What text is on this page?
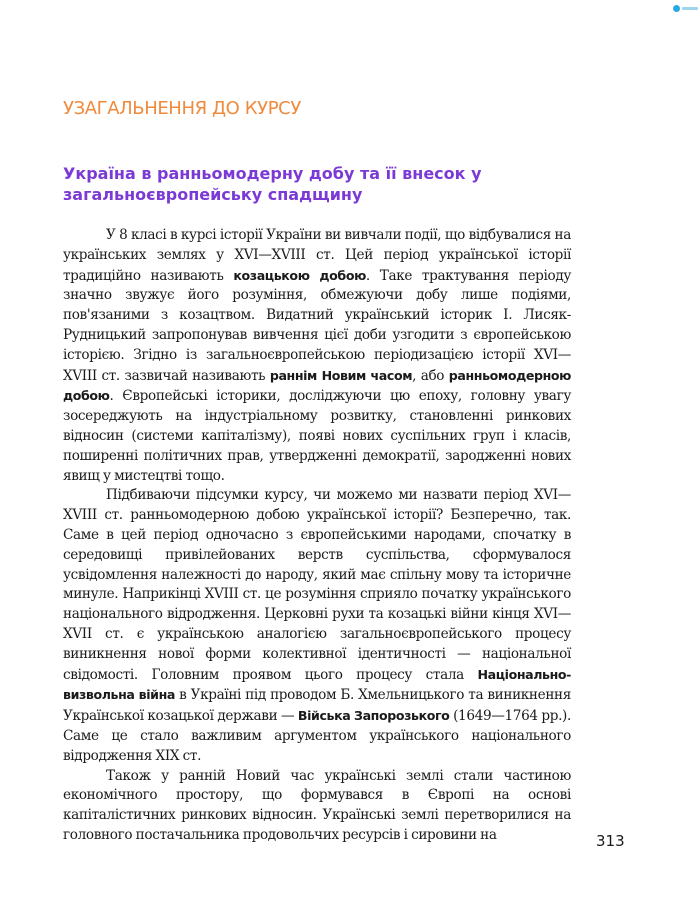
УЗАГАЛЬНЕННЯ ДО КУРСУ
Україна в ранньомодерну добу та її внесок у загальноєвропейську спадщину

У 8 класі в курсі історії України ви вивчали події, що відбувалися на українських землях у XVI—XVIII ст. Цей період української історії традиційно називають козацькою добою. Таке трактування періоду значно звужує його розуміння, обмежуючи добу лише подіями, пов'язаними з козацтвом. Видатний український історик І. Лисяк-Рудницький запропонував вивчення цієї доби узгодити з європейською історією. Згідно із загальноєвропейською періодизацією історії XVI—XVIII ст. зазвичай називають раннім Новим часом, або ранньомодерною добою. Європейські історики, досліджуючи цю епоху, головну увагу зосереджують на індустріальному розвитку, становленні ринкових відносин (системи капіталізму), появі нових суспільних груп і класів, поширенні політичних прав, утвердженні демократії, зародженні нових явищ у мистецтві тощо.

Підбиваючи підсумки курсу, чи можемо ми назвати період XVI—XVIII ст. ранньомодерною добою української історії? Безперечно, так. Саме в цей період одночасно з європейськими народами, спочатку в середовищі привілейованих верств суспільства, сформувалося усвідомлення належності до народу, який має спільну мову та історичне минуле. Наприкінці XVIII ст. це розуміння сприяло початку українського національного відродження. Церковні рухи та козацькі війни кінця XVI—XVII ст. є українською аналогією загальноєвропейського процесу виникнення нової форми колективної ідентичності — національної свідомості. Головним проявом цього процесу стала Національно-визвольна війна в Україні під проводом Б. Хмельницького та виникнення Української козацької держави — Війська Запорозького (1649—1764 рр.). Саме це стало важливим аргументом українського національного відродження XIX ст.

Також у ранній Новий час українські землі стали частиною економічного простору, що формувався в Європі на основі капіталістичних ринкових відносин. Українські землі перетворилися на головного постачальника продовольчих ресурсів і сировини на	313
